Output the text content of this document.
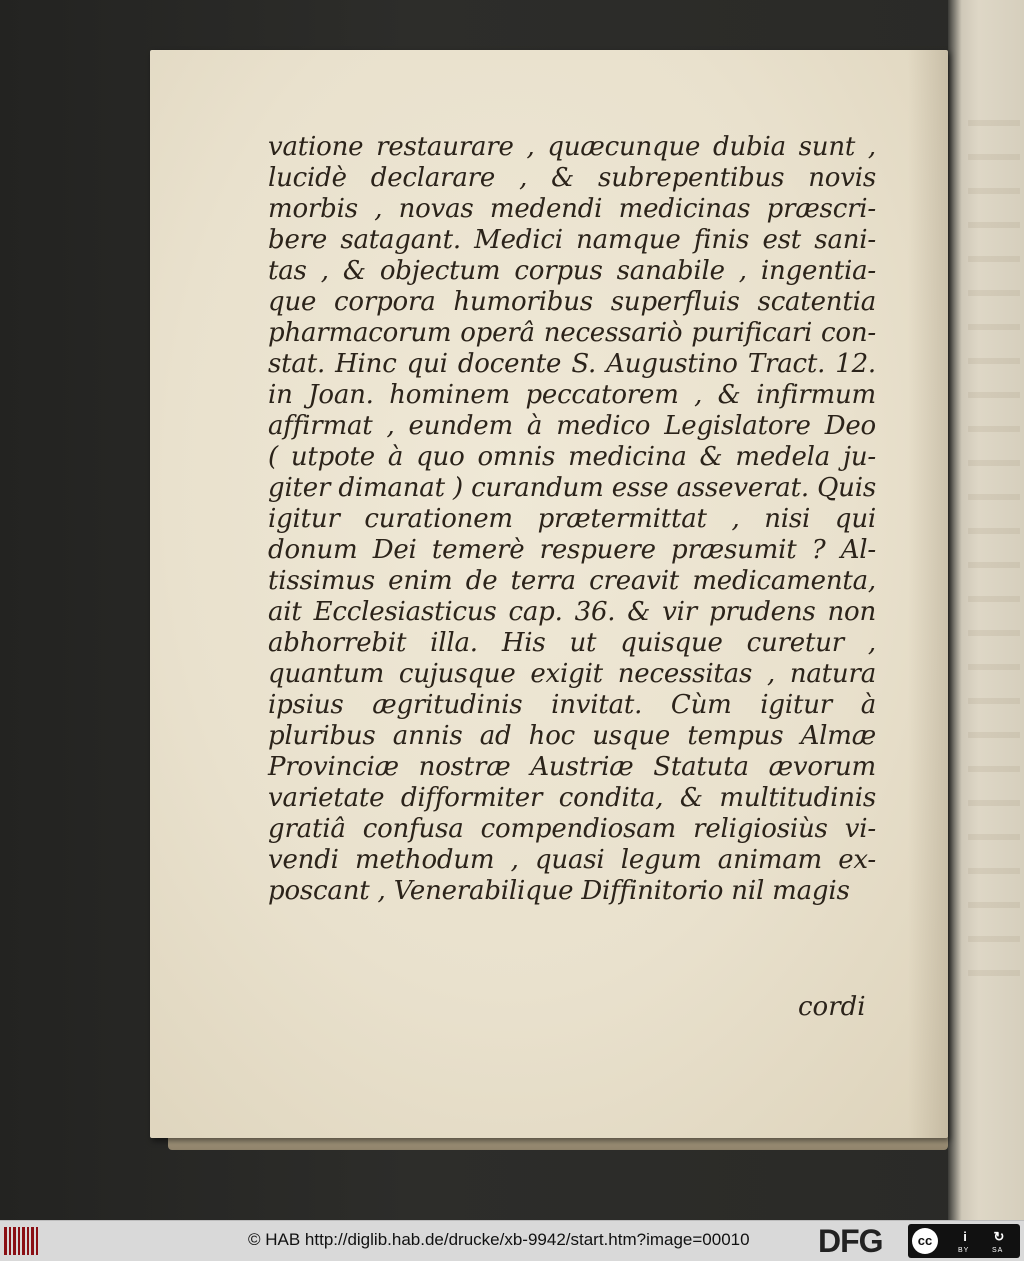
vatione restaurare , quæcunque dubia sunt ,
lucidè declarare , & subrepentibus novis
morbis , novas medendi medicinas præscri-
bere satagant. Medici namque finis est sani-
tas , & objectum corpus sanabile , ingentia-
que corpora humoribus superfluis scatentia
pharmacorum operâ necessariò purificari con-
stat. Hinc qui docente S. Augustino Tract. 12.
in Joan. hominem peccatorem , & infirmum
affirmat , eundem à medico Legislatore Deo
( utpote à quo omnis medicina & medela ju-
giter dimanat ) curandum esse asseverat. Quis
igitur curationem prætermittat , nisi qui
donum Dei temerè respuere præsumit ? Al-
tissimus enim de terra creavit medicamenta,
ait Ecclesiasticus cap. 36. & vir prudens non
abhorrebit illa. His ut quisque curetur ,
quantum cujusque exigit necessitas , natura
ipsius ægritudinis invitat. Cùm igitur à
pluribus annis ad hoc usque tempus Almæ
Provinciæ nostræ Austriæ Statuta ævorum
varietate difformiter condita, & multitudinis
gratiâ confusa compendiosam religiosiùs vi-
vendi methodum , quasi legum animam ex-
poscant , Venerabilique Diffinitorio nil magis
cordi
© HAB http://diglib.hab.de/drucke/xb-9942/start.htm?image=00010 DFG	cc	i	↻
BY	SA
